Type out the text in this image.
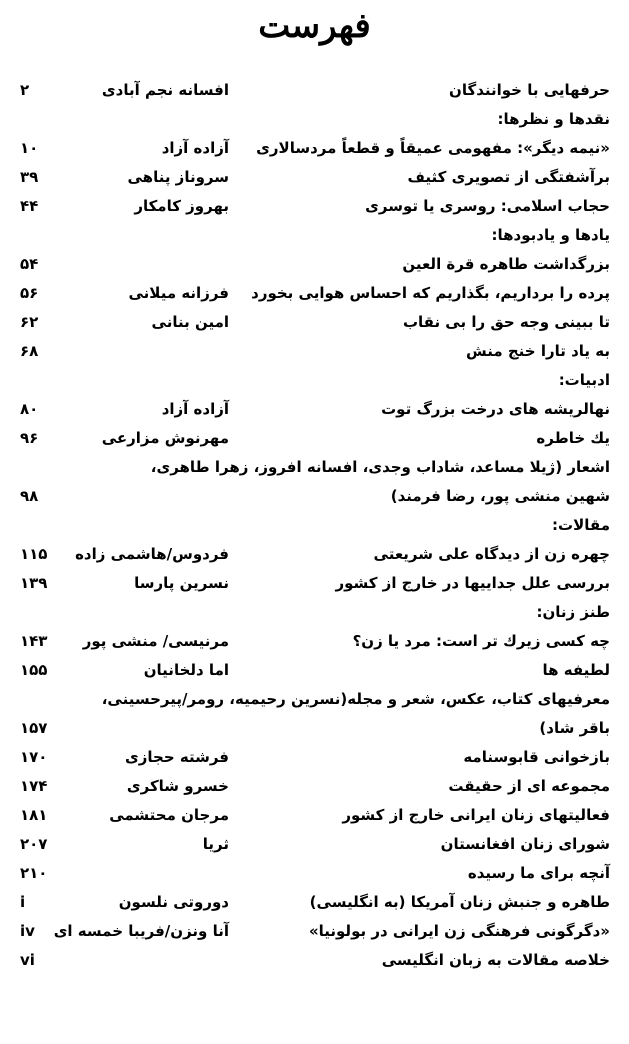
فهرست
حرفهایی با خوانندگان
افسانه نجم آبادی
۲
نقدها و نظرها:
«نیمه دیگر»: مفهومی عمیقاً و قطعاً مردسالاری
آزاده آزاد
۱۰
برآشفتگی از تصویری کثیف
سروناز پناهی
۳۹
حجاب اسلامی: روسری یا توسری
بهروز کامکار
۴۴
یادها و یادبودها:
بزرگداشت طاهره قرة العین
۵۴
پرده را برداریم، بگذاریم که احساس هوایی بخورد
فرزانه میلانی
۵۶
تا ببینی وجه حق را بی نقاب
امین بنانی
۶۲
به یاد تارا خنج منش
۶۸
ادبیات:
نهالریشه های درخت بزرگ توت
آزاده آزاد
۸۰
یك خاطره
مهرنوش مزارعی
۹۶
اشعار (ژیلا مساعد، شاداب وجدی، افسانه افروز، زهرا طاهری،
شهین منشی پور، رضا فرمند)
۹۸
مقالات:
چهره زن از دیدگاه علی شریعتی
فردوس/هاشمی زاده
۱۱۵
بررسی علل جداییها در خارج از کشور
نسرین پارسا
۱۳۹
طنز زنان:
چه کسی زیرك تر است: مرد یا زن؟
مرنیسی/ منشی پور
۱۴۳
لطیفه ها
اما دلخانیان
۱۵۵
معرفیهای کتاب، عکس، شعر و مجله(نسرین رحیمیه، رومر/پیرحسینی،
باقر شاد)
۱۵۷
بازخوانی قابوسنامه
فرشته حجازی
۱۷۰
مجموعه ای از حقیقت
خسرو شاکری
۱۷۴
فعالیتهای زنان ایرانی خارج از کشور
مرجان محتشمی
۱۸۱
شورای زنان افغانستان
ثریا
۲۰۷
آنچه برای ما رسیده
۲۱۰
طاهره و جنبش زنان آمریکا (به انگلیسی)
دوروتی نلسون
i
«دگرگونی فرهنگی زن ایرانی در بولونیا»
آنا ونزن/فریبا خمسه ای
iv
خلاصه مقالات به زبان انگلیسی
vi
